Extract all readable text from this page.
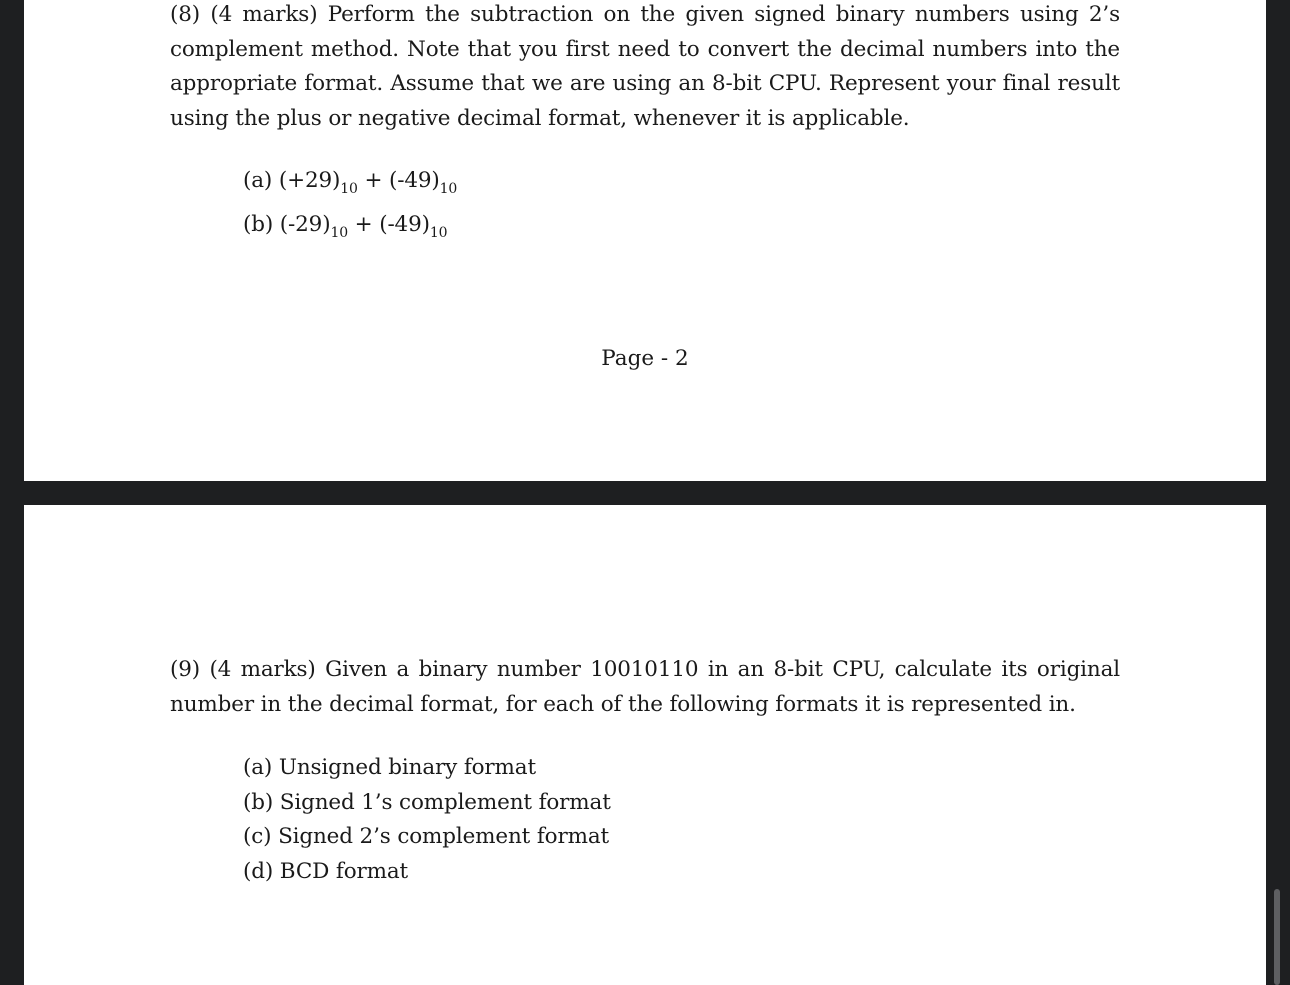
(8) (4 marks) Perform the subtraction on the given signed binary numbers using 2’s complement method. Note that you first need to convert the decimal numbers into the appropriate format. Assume that we are using an 8-bit CPU. Represent your final result using the plus or negative decimal format, whenever it is applicable.

(a) $(+29)_{10} + (-49)_{10}$
(b) $(-29)_{10} + (-49)_{10}$
Page - 2

(9) (4 marks) Given a binary number 10010110 in an 8-bit CPU, calculate its original number in the decimal format, for each of the following formats it is represented in.

(a) Unsigned binary format
(b) Signed 1’s complement format
(c) Signed 2’s complement format
(d) BCD format
